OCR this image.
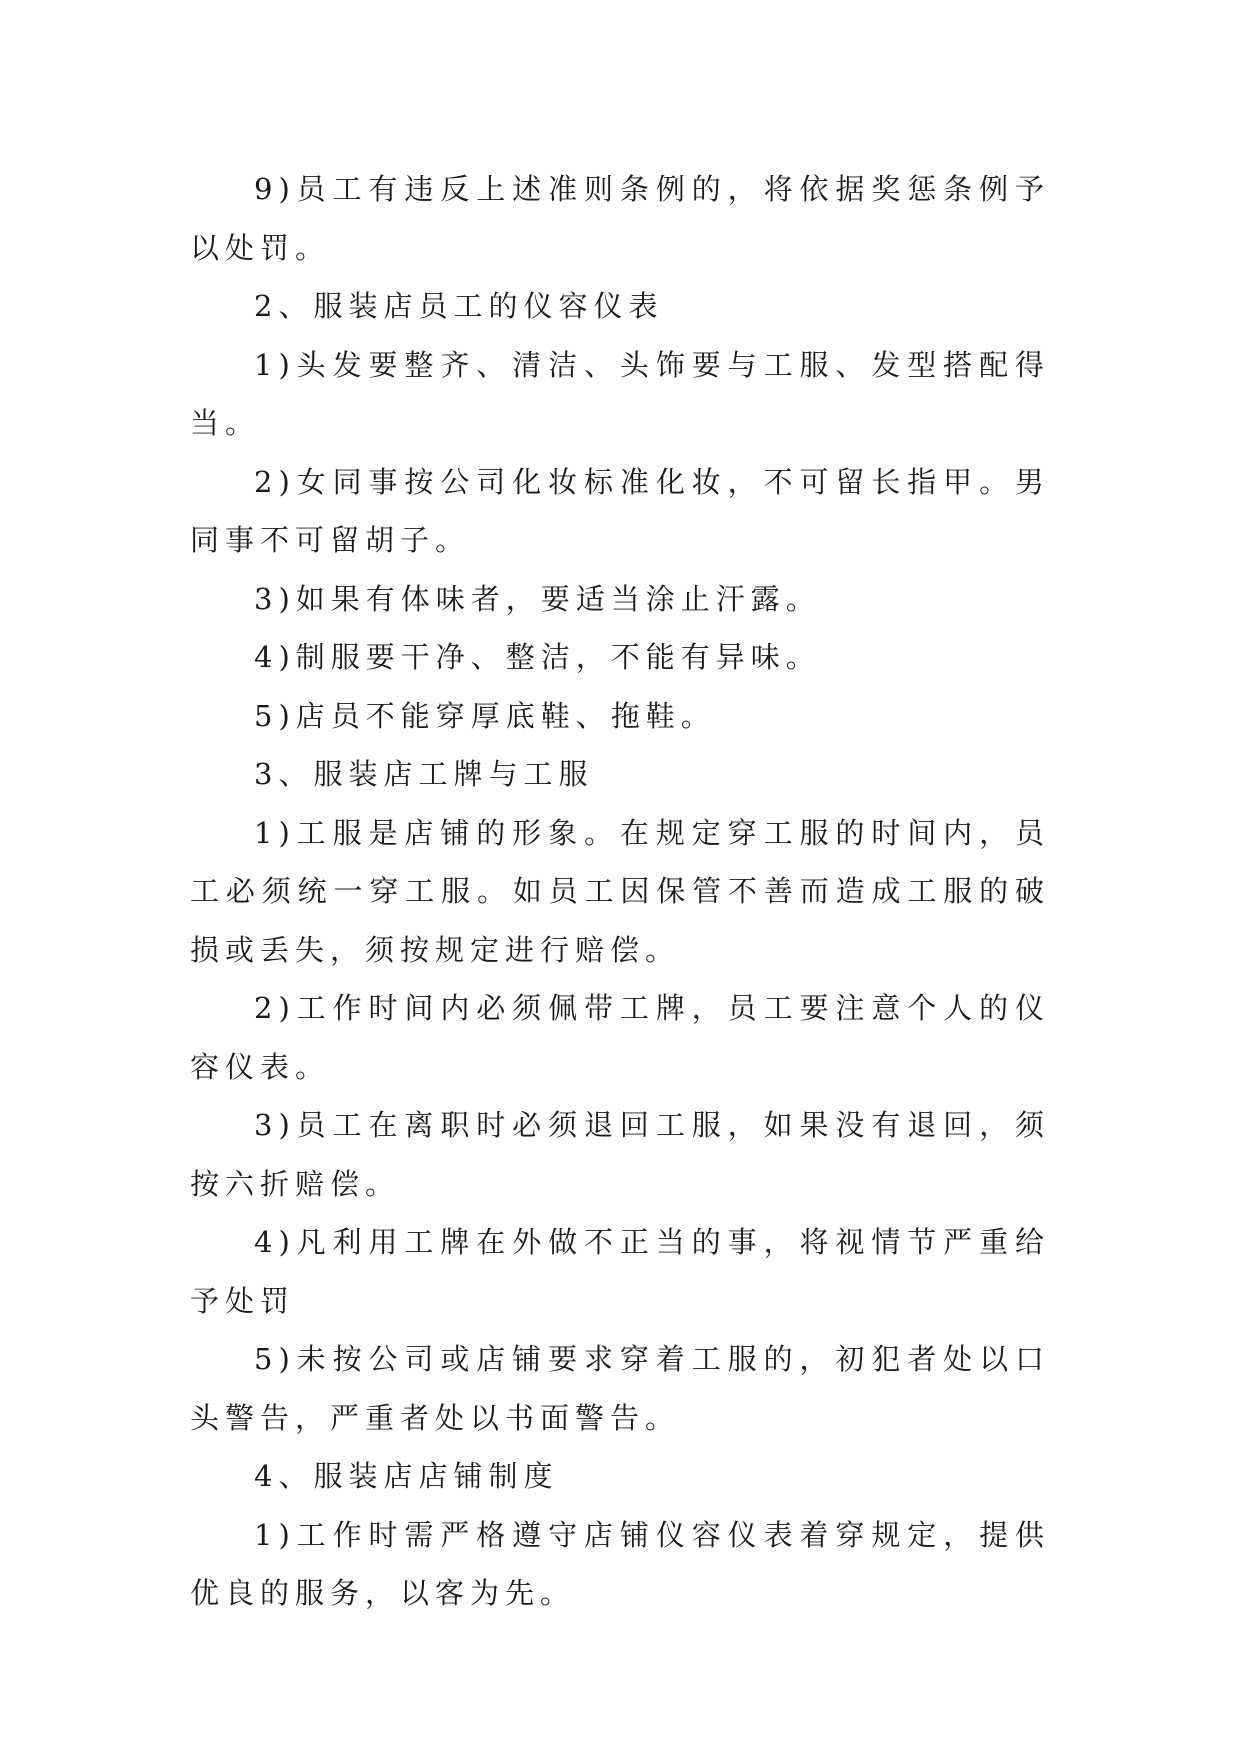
9)员工有违反上述准则条例的，将依据奖惩条例予以处罚。

2、服装店员工的仪容仪表

1)头发要整齐、清洁、头饰要与工服、发型搭配得当。

2)女同事按公司化妆标准化妆，不可留长指甲。男同事不可留胡子。

3)如果有体味者，要适当涂止汗露。

4)制服要干净、整洁，不能有异味。

5)店员不能穿厚底鞋、拖鞋。

3、服装店工牌与工服

1)工服是店铺的形象。在规定穿工服的时间内，员工必须统一穿工服。如员工因保管不善而造成工服的破损或丢失，须按规定进行赔偿。

2)工作时间内必须佩带工牌，员工要注意个人的仪容仪表。

3)员工在离职时必须退回工服，如果没有退回，须按六折赔偿。

4)凡利用工牌在外做不正当的事，将视情节严重给予处罚

5)未按公司或店铺要求穿着工服的，初犯者处以口头警告，严重者处以书面警告。

4、服装店店铺制度

1)工作时需严格遵守店铺仪容仪表着穿规定，提供优良的服务，以客为先。
